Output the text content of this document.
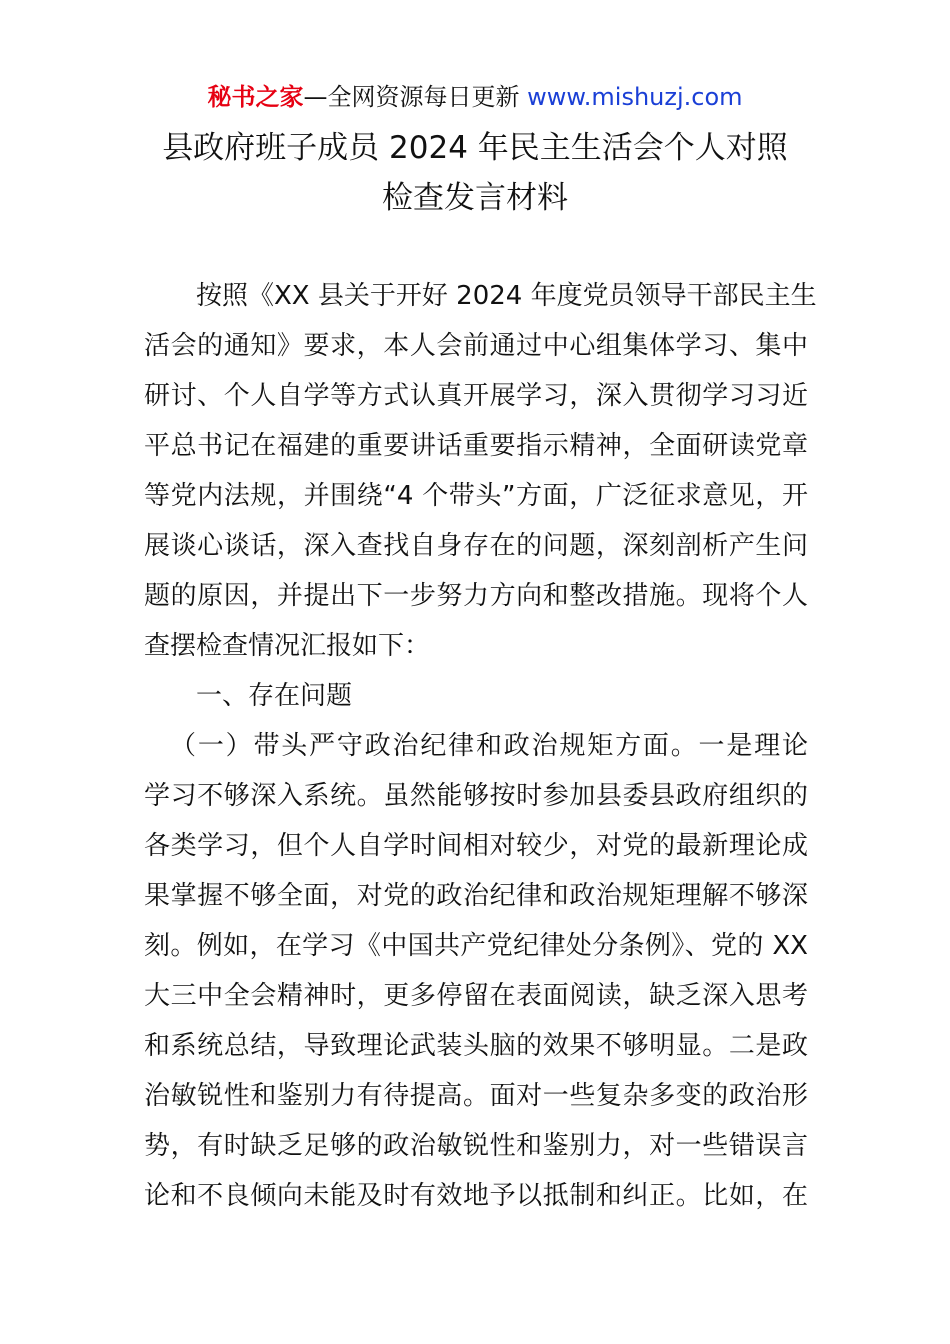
秘书之家—全网资源每日更新 www.mishuzj.com
县政府班子成员 2024 年民主生活会个人对照
检查发言材料
按照《XX 县关于开好 2024 年度党员领导干部民主生
活会的通知》要求，本人会前通过中心组集体学习、集中
研讨、个人自学等方式认真开展学习，深入贯彻学习习近
平总书记在福建的重要讲话重要指示精神，全面研读党章
等党内法规，并围绕“4 个带头”方面，广泛征求意见，开
展谈心谈话，深入查找自身存在的问题，深刻剖析产生问
题的原因，并提出下一步努力方向和整改措施。现将个人
查摆检查情况汇报如下：
一、存在问题
（一）带头严守政治纪律和政治规矩方面。一是理论
学习不够深入系统。虽然能够按时参加县委县政府组织的
各类学习，但个人自学时间相对较少，对党的最新理论成
果掌握不够全面，对党的政治纪律和政治规矩理解不够深
刻。例如，在学习《中国共产党纪律处分条例》、党的 XX
大三中全会精神时，更多停留在表面阅读，缺乏深入思考
和系统总结，导致理论武装头脑的效果不够明显。二是政
治敏锐性和鉴别力有待提高。面对一些复杂多变的政治形
势，有时缺乏足够的政治敏锐性和鉴别力，对一些错误言
论和不良倾向未能及时有效地予以抵制和纠正。比如，在
